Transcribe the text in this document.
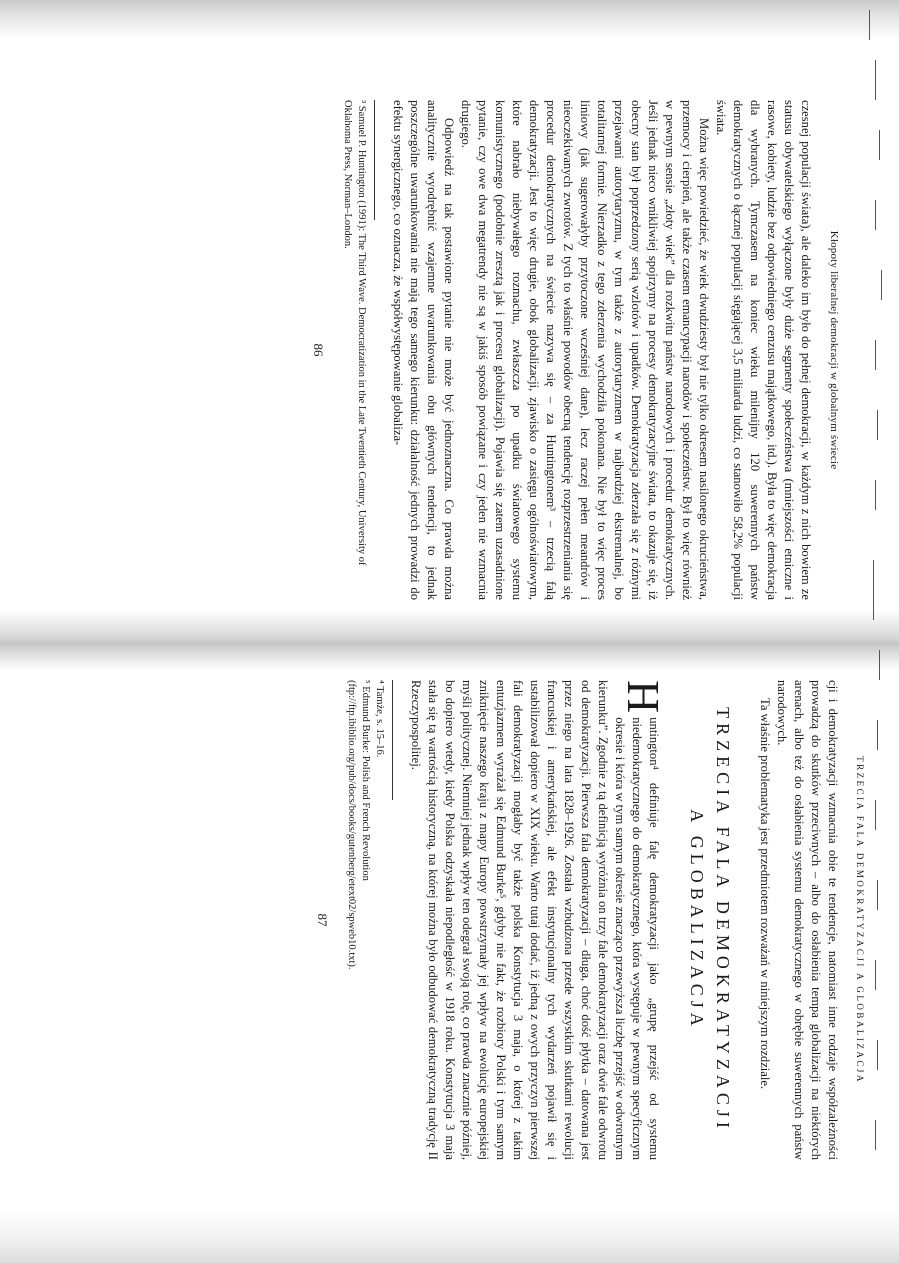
Kłopoty liberalnej demokracji w globalnym świecie

czesnej populacji świata), ale daleko im było do pełnej demokracji, w każdym z nich bowiem ze statusu obywatelskiego wyłączone były duże segmenty społeczeństwa (mniejszości etniczne i rasowe, kobiety, ludzie bez odpowiedniego cenzusu majątkowego, itd.). Była to więc demokracja dla wybranych. Tymczasem na koniec wieku milenijny 120 suwerennych państw demokratycznych o łącznej populacji sięgającej 3,5 miliarda ludzi, co stanowiło 58,2% populacji świata.

Można więc powiedzieć, że wiek dwudziesty był nie tylko okresem nasilonego okrucieństwa, przemocy i cierpień, ale także czasem emancypacji narodów i społeczeństw. Był to więc również w pewnym sensie „złoty wiek” dla rozkwitu państw narodowych i procedur demokratycznych. Jeśli jednak nieco wnikliwiej spojrzymy na procesy demokratyzacyjne świata, to okazuje się, iż obecny stan był poprzedzony serią wzlotów i upadków. Demokratyzacja zderzała się z różnymi przejawami autorytaryzmu, w tym także z autorytaryzmem w najbardziej ekstremalnej, bo totalitarnej formie. Nierzadko z tego zderzenia wychodziła pokonana. Nie był to więc proces liniowy (jak sugerowałyby przytoczone wcześniej dane), lecz raczej pełen meandrów i nieoczekiwanych zwrotów. Z tych to właśnie powodów obecną tendencję rozprzestrzeniania się procedur demokratycznych na świecie nazywa się – za Huntingtonem³ – trzecią falą demokratyzacji. Jest to więc drugie, obok globalizacji, zjawisko o zasięgu ogólnoświatowym, które nabrało niebywałego rozmachu, zwłaszcza po upadku światowego systemu komunistycznego (podobnie zresztą jak i procesu globalizacji). Pojawia się zatem uzasadnione pytanie, czy owe dwa megatrendy nie są w jakiś sposób powiązane i czy jeden nie wzmacnia drugiego.

Odpowiedź na tak postawione pytanie nie może być jednoznaczna. Co prawda można analitycznie wyodrębnić wzajemne uwarunkowania obu głównych tendencji, to jednak poszczególne uwarunkowania nie mają tego samego kierunku: działalność jednych prowadzi do efektu synergicznego, co oznacza, że współwystępowanie globaliza-

³ Samuel P. Huntington (1991): The Third Wave. Democratization in the Late Twentieth Century, University of Oklahoma Press, Norman–London.
86
TRZECIA FALA DEMOKRATYZACJI A GLOBALIZACJA

cji i demokratyzacji wzmacnia obie te tendencje, natomiast inne rodzaje współzależności prowadzą do skutków przeciwnych – albo do osłabienia tempa globalizacji na niektórych arenach, albo też do osłabienia systemu demokratycznego w obrębie suwerennych państw narodowych.

Ta właśnie problematyka jest przedmiotem rozważań w niniejszym rozdziale.

TRZECIA FALA DEMOKRATYZACJI
A GLOBALIZACJA

H
untington⁴ definiuje falę demokratyzacji jako „grupę przejść od systemu niedemokratycznego do demokratycznego, która występuje w pewnym specyficznym okresie i która w tym samym okresie znacząco przewyższa liczbę przejść w odwrotnym kierunku”. Zgodnie z tą definicją wyróżnia on trzy fale demokratyzacji oraz dwie fale odwrotu od demokratyzacji. Pierwsza fala demokratyzacji – długa, choć dość płytka – datowana jest przez niego na lata 1828–1926. Została wzbudzona przede wszystkim skutkami rewolucji francuskiej i amerykańskiej, ale efekt instytucjonalny tych wydarzeń pojawił się i ustabilizował dopiero w XIX wieku. Warto tutaj dodać, iż jedną z owych przyczyn pierwszej fali demokratyzacji mogłaby być także polska Konstytucja 3 maja, o której z takim entuzjazmem wyrażał się Edmund Burke⁵, gdyby nie fakt, że rozbiory Polski i tym samym zniknięcie naszego kraju z mapy Europy powstrzymały jej wpływ na ewolucję europejskiej myśli politycznej. Niemniej jednak wpływ ten odegrał swoją rolę, co prawda znacznie później, bo dopiero wtedy, kiedy Polska odzyskała niepodległość w 1918 roku. Konstytucja 3 maja stała się tą wartością historyczną, na której można było odbudować demokratyczną tradycję II Rzeczypospolitej.

⁴ Tamże, s. 15–16.
⁵ Edmund Burke: Polish and French Revolution (ftp://ftp.ibiblio.org/pub/docs/books/gutenberg/etext02/spweb10.txt).
87
